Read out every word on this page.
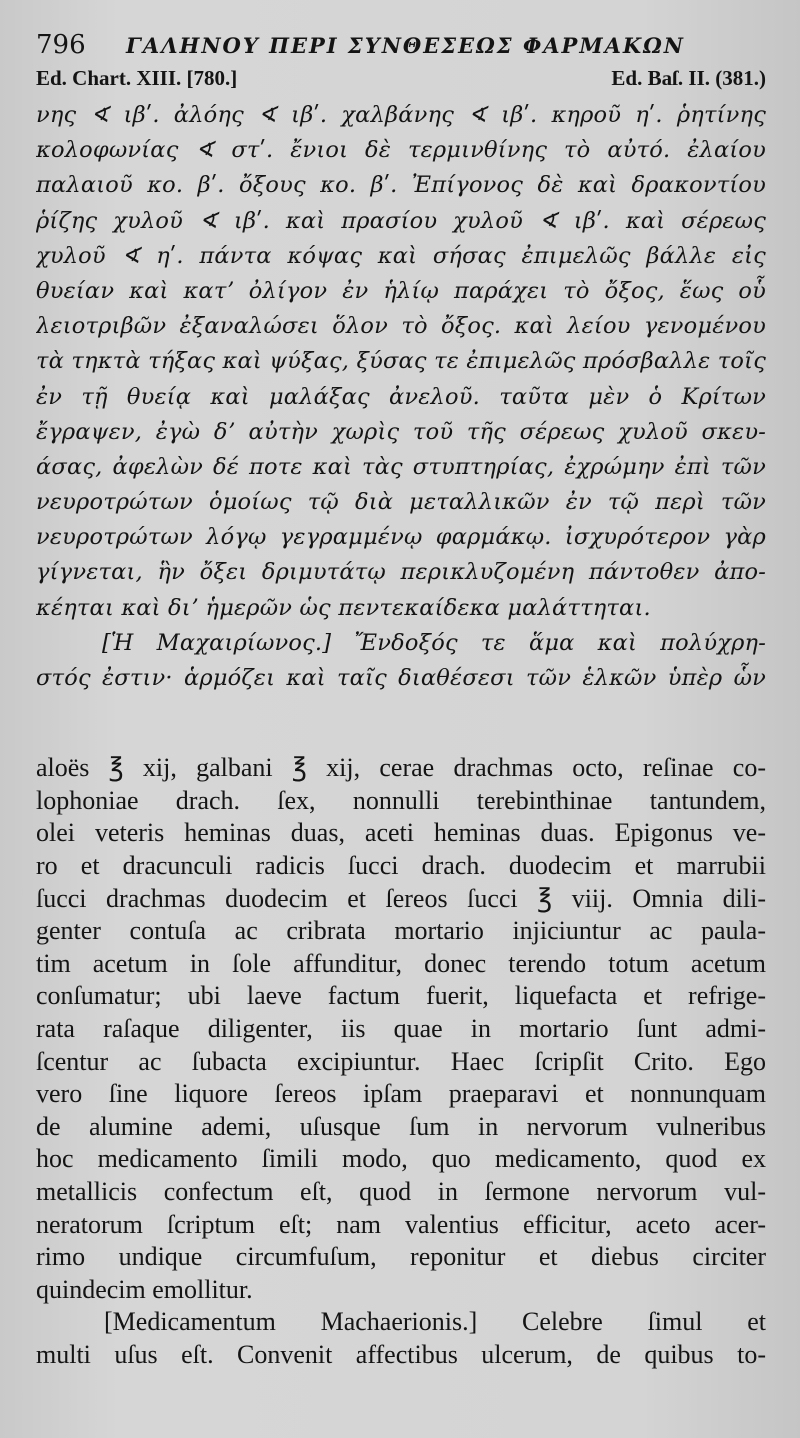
796	ΓΑΛΗΝΟΥ ΠΕΡΙ ΣΥΝΘΕΣΕΩΣ ΦΑΡΜΑΚΩΝ
Ed. Chart. XIII. [780.]	Ed. Baſ. II. (381.)
νης ∢ ιβʹ. ἀλόης ∢ ιβʹ. χαλβάνης ∢ ιβʹ. κηροῦ ηʹ. ῥητίνης
κολοφωνίας ∢ στʹ. ἔνιοι δὲ τερμινθίνης τὸ αὐτό. ἐλαίου
παλαιοῦ κο. βʹ. ὄξους κο. βʹ. Ἐπίγονος δὲ καὶ δρακοντίου
ῥίζης χυλοῦ ∢ ιβʹ. καὶ πρασίου χυλοῦ ∢ ιβʹ. καὶ σέρεως
χυλοῦ ∢ ηʹ. πάντα κόψας καὶ σήσας ἐπιμελῶς βάλλε εἰς
θυείαν καὶ κατʼ ὀλίγον ἐν ἡλίῳ παράχει τὸ ὄξος, ἕως οὗ
λειοτριβῶν ἐξαναλώσει ὅλον τὸ ὄξος. καὶ λείου γενομένου
τὰ τηκτὰ τήξας καὶ ψύξας, ξύσας τε ἐπιμελῶς πρόσβαλλε τοῖς
ἐν τῇ θυείᾳ καὶ μαλάξας ἀνελοῦ. ταῦτα μὲν ὁ Κρίτων
ἔγραψεν, ἐγὼ δʼ αὐτὴν χωρὶς τοῦ τῆς σέρεως χυλοῦ σκευ-
άσας, ἀφελὼν δέ ποτε καὶ τὰς στυπτηρίας, ἐχρώμην ἐπὶ τῶν
νευροτρώτων ὁμοίως τῷ διὰ μεταλλικῶν ἐν τῷ περὶ τῶν
νευροτρώτων λόγῳ γεγραμμένῳ φαρμάκῳ. ἰσχυρότερον γὰρ
γίγνεται, ἣν ὄξει δριμυτάτῳ περικλυζομένη πάντοθεν ἀπο-
κέηται καὶ διʼ ἡμερῶν ὡς πεντεκαίδεκα μαλάττηται.
[Ἡ Μαχαιρίωνος.] Ἔνδοξός τε ἅμα καὶ πολύχρη-
στός ἐστιν· ἁρμόζει καὶ ταῖς διαθέσεσι τῶν ἑλκῶν ὑπὲρ ὧν
aloës ℥ xij, galbani ℥ xij, cerae drachmas octo, reſinae co-
lophoniae drach. ſex, nonnulli terebinthinae tantundem,
olei veteris heminas duas, aceti heminas duas. Epigonus ve-
ro et dracunculi radicis ſucci drach. duodecim et marrubii
ſucci drachmas duodecim et ſereos ſucci ℥ viij. Omnia dili-
genter contuſa ac cribrata mortario injiciuntur ac paula-
tim acetum in ſole affunditur, donec terendo totum acetum
conſumatur; ubi laeve factum fuerit, liquefacta et refrige-
rata raſaque diligenter, iis quae in mortario ſunt admi-
ſcentur ac ſubacta excipiuntur. Haec ſcripſit Crito. Ego
vero ſine liquore ſereos ipſam praeparavi et nonnunquam
de alumine ademi, uſusque ſum in nervorum vulneribus
hoc medicamento ſimili modo, quo medicamento, quod ex
metallicis confectum eſt, quod in ſermone nervorum vul-
neratorum ſcriptum eſt; nam valentius efficitur, aceto acer-
rimo undique circumfuſum, reponitur et diebus circiter
quindecim emollitur.
[Medicamentum Machaerionis.] Celebre ſimul et
multi uſus eſt. Convenit affectibus ulcerum, de quibus to-
